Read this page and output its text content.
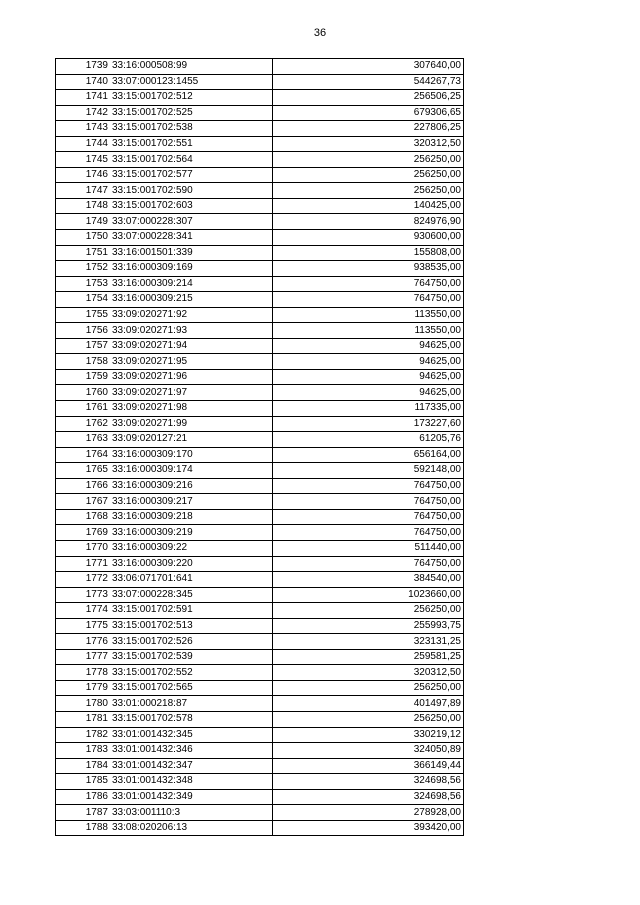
36
1739	33:16:000508:99	307640,00
1740	33:07:000123:1455	544267,73
1741	33:15:001702:512	256506,25
1742	33:15:001702:525	679306,65
1743	33:15:001702:538	227806,25
1744	33:15:001702:551	320312,50
1745	33:15:001702:564	256250,00
1746	33:15:001702:577	256250,00
1747	33:15:001702:590	256250,00
1748	33:15:001702:603	140425,00
1749	33:07:000228:307	824976,90
1750	33:07:000228:341	930600,00
1751	33:16:001501:339	155808,00
1752	33:16:000309:169	938535,00
1753	33:16:000309:214	764750,00
1754	33:16:000309:215	764750,00
1755	33:09:020271:92	113550,00
1756	33:09:020271:93	113550,00
1757	33:09:020271:94	94625,00
1758	33:09:020271:95	94625,00
1759	33:09:020271:96	94625,00
1760	33:09:020271:97	94625,00
1761	33:09:020271:98	117335,00
1762	33:09:020271:99	173227,60
1763	33:09:020127:21	61205,76
1764	33:16:000309:170	656164,00
1765	33:16:000309:174	592148,00
1766	33:16:000309:216	764750,00
1767	33:16:000309:217	764750,00
1768	33:16:000309:218	764750,00
1769	33:16:000309:219	764750,00
1770	33:16:000309:22	511440,00
1771	33:16:000309:220	764750,00
1772	33:06:071701:641	384540,00
1773	33:07:000228:345	1023660,00
1774	33:15:001702:591	256250,00
1775	33:15:001702:513	255993,75
1776	33:15:001702:526	323131,25
1777	33:15:001702:539	259581,25
1778	33:15:001702:552	320312,50
1779	33:15:001702:565	256250,00
1780	33:01:000218:87	401497,89
1781	33:15:001702:578	256250,00
1782	33:01:001432:345	330219,12
1783	33:01:001432:346	324050,89
1784	33:01:001432:347	366149,44
1785	33:01:001432:348	324698,56
1786	33:01:001432:349	324698,56
1787	33:03:001110:3	278928,00
1788	33:08:020206:13	393420,00
